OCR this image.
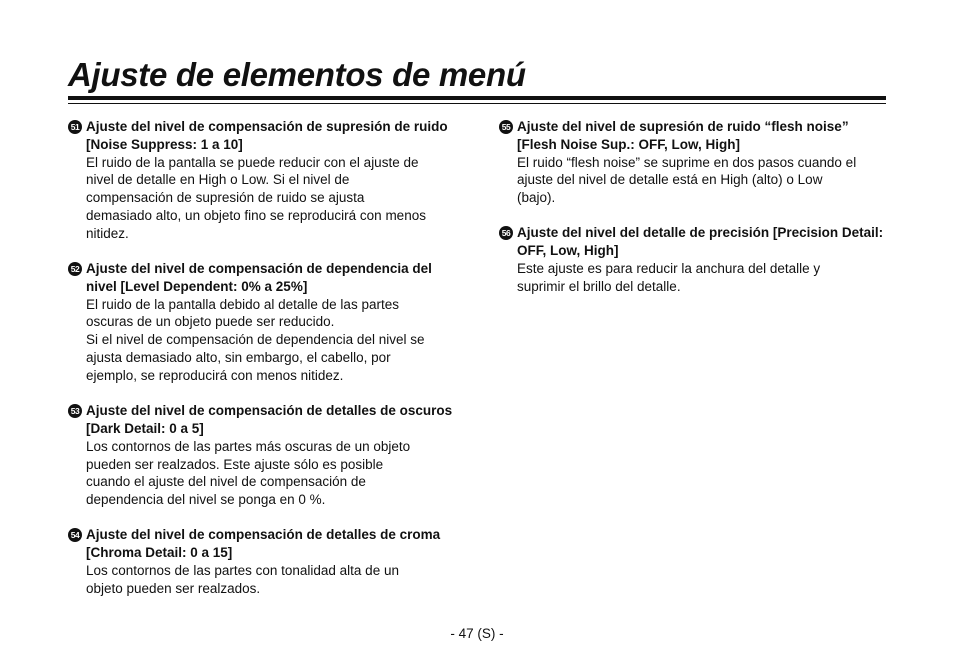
Ajuste de elementos de menú
51 Ajuste del nivel de compensación de supresión de ruido [Noise Suppress: 1 a 10]
El ruido de la pantalla se puede reducir con el ajuste de
nivel de detalle en High o Low. Si el nivel de
compensación de supresión de ruido se ajusta
demasiado alto, un objeto fino se reproducirá con menos
nitidez.
52 Ajuste del nivel de compensación de dependencia del nivel [Level Dependent: 0% a 25%]
El ruido de la pantalla debido al detalle de las partes
oscuras de un objeto puede ser reducido.
Si el nivel de compensación de dependencia del nivel se
ajusta demasiado alto, sin embargo, el cabello, por
ejemplo, se reproducirá con menos nitidez.
53 Ajuste del nivel de compensación de detalles de oscuros [Dark Detail: 0 a 5]
Los contornos de las partes más oscuras de un objeto
pueden ser realzados. Este ajuste sólo es posible
cuando el ajuste del nivel de compensación de
dependencia del nivel se ponga en 0 %.
54 Ajuste del nivel de compensación de detalles de croma [Chroma Detail: 0 a 15]
Los contornos de las partes con tonalidad alta de un
objeto pueden ser realzados.
55 Ajuste del nivel de supresión de ruido “flesh noise” [Flesh Noise Sup.: OFF, Low, High]
El ruido “flesh noise” se suprime en dos pasos cuando el
ajuste del nivel de detalle está en High (alto) o Low
(bajo).
56 Ajuste del nivel del detalle de precisión [Precision Detail: OFF, Low, High]
Este ajuste es para reducir la anchura del detalle y
suprimir el brillo del detalle.
- 47 (S) -
